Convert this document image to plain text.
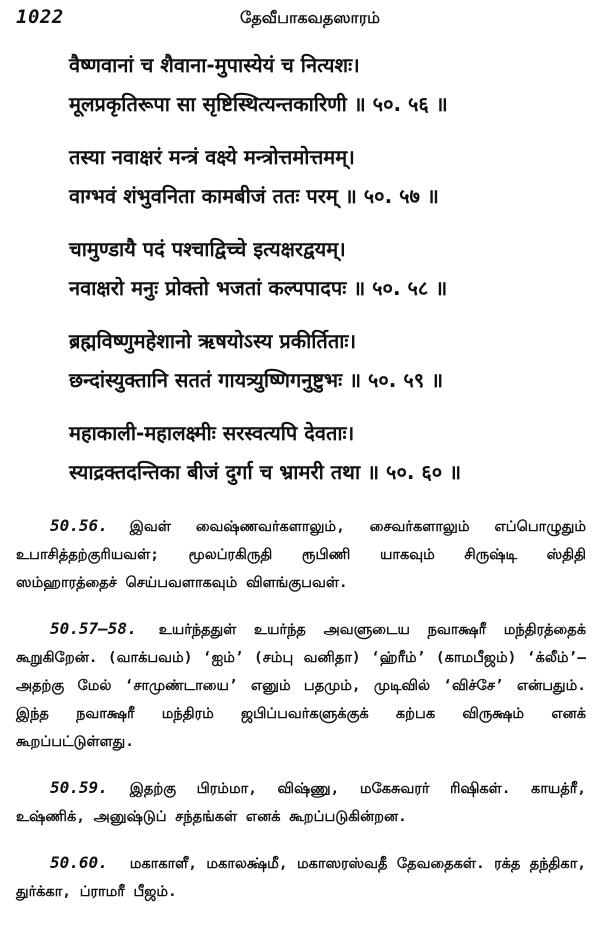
1022	தேவீபாகவதஸாரம்
वैष्णवानां च शैवाना-मुपास्येयं च नित्यशः।
मूलप्रकृतिरूपा सा सृष्टिस्थित्यन्तकारिणी ॥ ५०. ५६ ॥
तस्या नवाक्षरं मन्त्रं वक्ष्ये मन्त्रोत्तमोत्तमम्।
वाग्भवं शंभुवनिता कामबीजं ततः परम् ॥ ५०. ५७ ॥
चामुण्डायै पदं पश्चाद्विच्चे इत्यक्षरद्वयम्।
नवाक्षरो मनुः प्रोक्तो भजतां कल्पपादपः ॥ ५०. ५८ ॥
ब्रह्मविष्णुमहेशानो ऋषयोऽस्य प्रकीर्तिताः।
छन्दांस्युक्तानि सततं गायत्र्युष्णिगनुष्टुभः ॥ ५०. ५९ ॥
महाकाली-महालक्ष्मीः सरस्वत्यपि देवताः।
स्याद्रक्तदन्तिका बीजं दुर्गा च भ्रामरी तथा ॥ ५०. ६० ॥

50.56. இவள் வைஷ்ணவர்களாலும், சைவர்களாலும் எப்பொழுதும் உபாசித்தற்குரியவள்; மூலப்ரகிருதி ரூபிணி யாகவும் சிருஷ்டி ஸ்திதி ஸம்ஹாரத்தைச் செய்பவளாகவும் விளங்குபவள்.

50.57–58. உயர்ந்ததுள் உயர்ந்த அவளுடைய நவாக்ஷரீ மந்திரத்தைக் கூறுகிறேன். (வாக்பவம்) ‘ஐம்’ (சம்பு வனிதா) ‘ஹ்ரீம்’ (காமபீஜம்) ‘க்லீம்’—அதற்கு மேல் ‘சாமுண்டாயை’ எனும் பதமும், முடிவில் ‘விச்சே’ என்பதும். இந்த நவாக்ஷரீ மந்திரம் ஜபிப்பவர்களுக்குக் கற்பக விருக்ஷம் எனக் கூறப்பட்டுள்ளது.

50.59. இதற்கு பிரம்மா, விஷ்ணு, மகேசுவரர் ரிஷிகள். காயத்ரீ, உஷ்ணிக், அனுஷ்டுப் சந்தங்கள் எனக் கூறப்படுகின்றன.

50.60. மகாகாளீ, மகாலக்ஷ்மீ, மகாஸரஸ்வதீ தேவதைகள். ரக்த தந்திகா, துர்க்கா, ப்ராமரீ பீஜம்.
